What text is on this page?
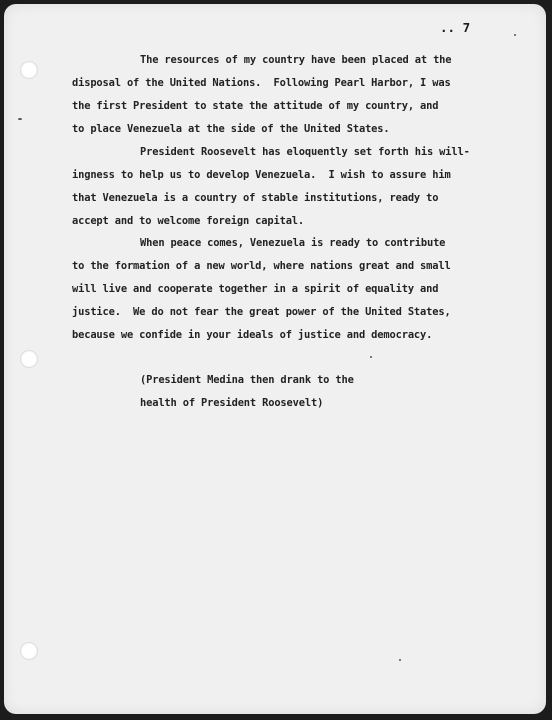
.. 7
The resources of my country have been placed at the
disposal of the United Nations.  Following Pearl Harbor, I was
the first President to state the attitude of my country, and
to place Venezuela at the side of the United States.
President Roosevelt has eloquently set forth his will-
ingness to help us to develop Venezuela.  I wish to assure him
that Venezuela is a country of stable institutions, ready to
accept and to welcome foreign capital.
When peace comes, Venezuela is ready to contribute
to the formation of a new world, where nations great and small
will live and cooperate together in a spirit of equality and
justice.  We do not fear the great power of the United States,
because we confide in your ideals of justice and democracy.
(President Medina then drank to the
health of President Roosevelt)
